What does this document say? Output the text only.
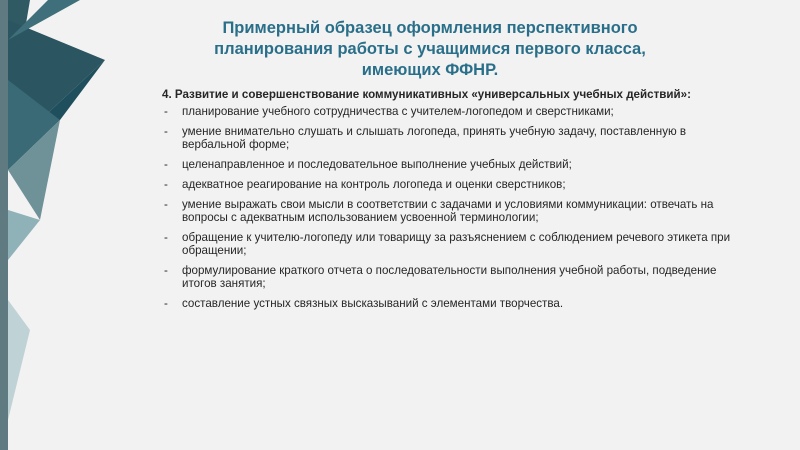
Примерный образец оформления перспективного
планирования работы с учащимися первого класса,
имеющих ФФНР.

4. Развитие и совершенствование коммуникативных «универсальных учебных действий»:

- планирование учебного сотрудничества с учителем-логопедом и сверстниками;
- умение внимательно слушать и слышать логопеда, принять учебную задачу, поставленную в вербальной форме;
- целенаправленное и последовательное выполнение учебных действий;
- адекватное реагирование на контроль логопеда и оценки сверстников;
- умение выражать свои мысли в соответствии с задачами и условиями коммуникации: отвечать на вопросы с адекватным использованием усвоенной терминологии;
- обращение к учителю-логопеду или товарищу за разъяснением с соблюдением речевого этикета при обращении;
- формулирование краткого отчета о последовательности выполнения учебной работы, подведение итогов занятия;
- составление устных связных высказываний с элементами творчества.
